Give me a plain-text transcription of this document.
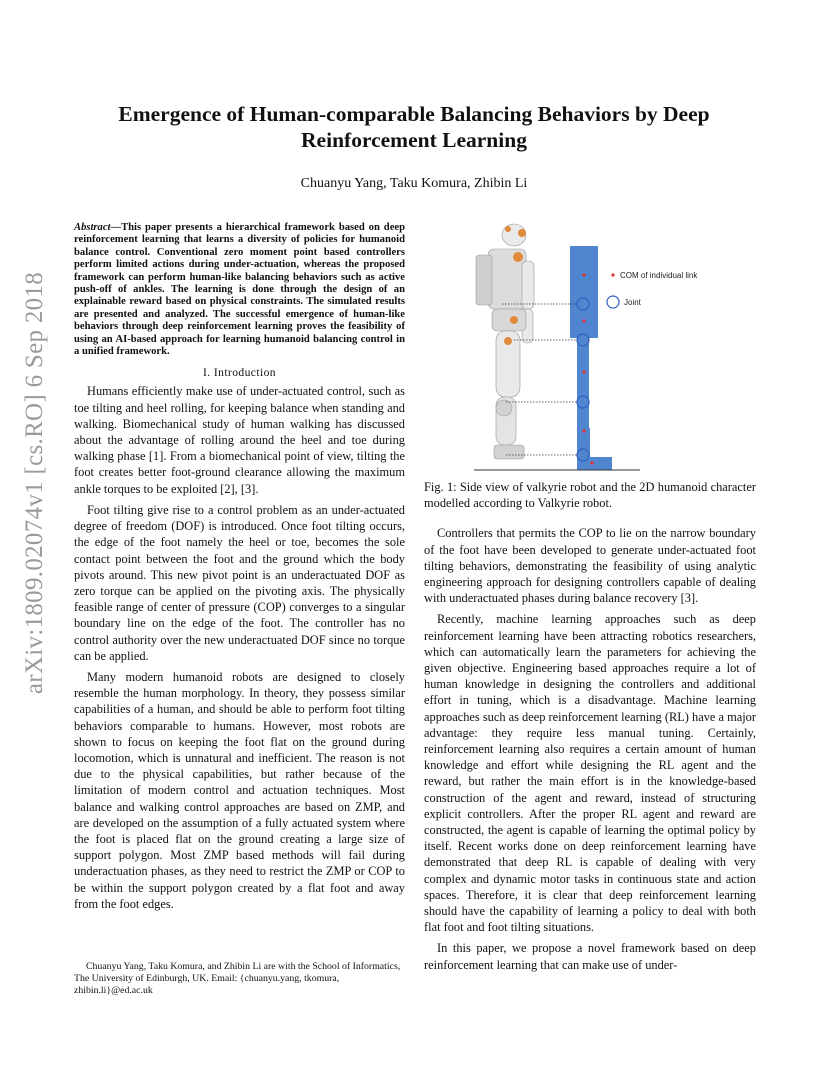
Emergence of Human-comparable Balancing Behaviors by Deep Reinforcement Learning
Chuanyu Yang, Taku Komura, Zhibin Li
arXiv:1809.02074v1 [cs.RO] 6 Sep 2018

Abstract—This paper presents a hierarchical framework based on deep reinforcement learning that learns a diversity of policies for humanoid balance control. Conventional zero moment point based controllers perform limited actions during under-actuation, whereas the proposed framework can perform human-like balancing behaviors such as active push-off of ankles. The learning is done through the design of an explainable reward based on physical constraints. The simulated results are presented and analyzed. The successful emergence of human-like behaviors through deep reinforcement learning proves the feasibility of using an AI-based approach for learning humanoid balancing control in a unified framework.

I. Introduction

Humans efficiently make use of under-actuated control, such as toe tilting and heel rolling, for keeping balance when standing and walking. Biomechanical study of human walking has discussed about the advantage of rolling around the heel and toe during walking phase [1]. From a biomechanical point of view, tilting the foot creates better foot-ground clearance allowing the maximum ankle torques to be exploited [2], [3].

Foot tilting give rise to a control problem as an under-actuated degree of freedom (DOF) is introduced. Once foot tilting occurs, the edge of the foot namely the heel or toe, becomes the sole contact point between the foot and the ground which the body pivots around. This new pivot point is an underactuated DOF as zero torque can be applied on the pivoting axis. The physically feasible range of center of pressure (COP) converges to a singular boundary line on the edge of the foot. The controller has no control authority over the new underactuated DOF since no torque can be applied.

Many modern humanoid robots are designed to closely resemble the human morphology. In theory, they possess similar capabilities of a human, and should be able to perform foot tilting behaviors comparable to humans. However, most robots are shown to focus on keeping the foot flat on the ground during locomotion, which is unnatural and inefficient. The reason is not due to the physical capabilities, but rather because of the limitation of modern control and actuation techniques. Most balance and walking control approaches are based on ZMP, and are developed on the assumption of a fully actuated system where the foot is placed flat on the ground creating a large size of support polygon. Most ZMP based methods will fail during underactuation phases, as they need to restrict the ZMP or COP to be within the support polygon created by a flat foot and away from the foot edges.

Chuanyu Yang, Taku Komura, and Zhibin Li are with the School of Informatics, The University of Edinburgh, UK. Email: {chuanyu.yang, tkomura, zhibin.li}@ed.ac.uk
COM of individual link
Joint

Fig. 1: Side view of valkyrie robot and the 2D humanoid character modelled according to Valkyrie robot.

Controllers that permits the COP to lie on the narrow boundary of the foot have been developed to generate under-actuated foot tilting behaviors, demonstrating the feasibility of using analytic engineering approach for designing controllers capable of dealing with underactuated phases during balance recovery [3].

Recently, machine learning approaches such as deep reinforcement learning have been attracting robotics researchers, which can automatically learn the parameters for achieving the given objective. Engineering based approaches require a lot of human knowledge in designing the controllers and additional effort in tuning, which is a disadvantage. Machine learning approaches such as deep reinforcement learning (RL) have a major advantage: they require less manual tuning. Certainly, reinforcement learning also requires a certain amount of human knowledge and effort while designing the RL agent and the reward, but rather the main effort is in the knowledge-based construction of the agent and reward, instead of structuring explicit controllers. After the proper RL agent and reward are constructed, the agent is capable of learning the optimal policy by itself. Recent works done on deep reinforcement learning have demonstrated that deep RL is capable of dealing with very complex and dynamic motor tasks in continuous state and action spaces. Therefore, it is clear that deep reinforcement learning should have the capability of learning a policy to deal with both flat foot and foot tilting situations.

In this paper, we propose a novel framework based on deep reinforcement learning that can make use of under-
